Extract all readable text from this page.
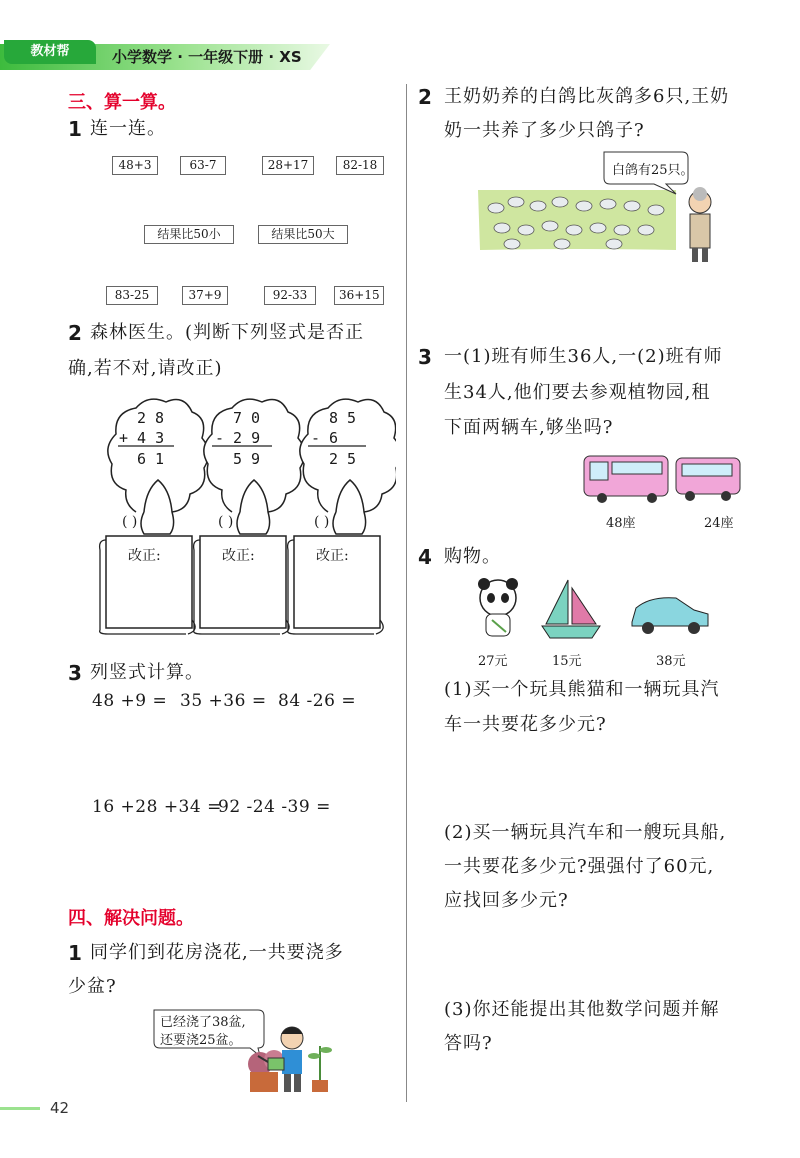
教材帮	小学数学 · 一年级下册 · XS
三、算一算。
1 连一连。
48+3	63-7	28+17	82-18
结果比50小	结果比50大
83-25	37+9	92-33	36+15
2 森林医生。(判断下列竖式是否正
确,若不对,请改正)
2 8
+ 4 3
6 1
7 0
- 2 9
5 9
8 5
- 6
2 5
( )	( )	( )
改正:	改正:	改正:
3 列竖式计算。
48 +9 = 35 +36 = 84 -26 =
16 +28 +34 =
92 -24 -39 =
四、解决问题。
1 同学们到花房浇花,一共要浇多
少盆?
已经浇了38盆,
还要浇25盆。
2 王奶奶养的白鸽比灰鸽多6只,王奶
奶一共养了多少只鸽子?
白鸽有25只。
3 一(1)班有师生36人,一(2)班有师
生34人,他们要去参观植物园,租
下面两辆车,够坐吗?
48座	24座
4 购物。
27元	15元	38元
(1)买一个玩具熊猫和一辆玩具汽
车一共要花多少元?
(2)买一辆玩具汽车和一艘玩具船,
一共要花多少元?强强付了60元,
应找回多少元?
(3)你还能提出其他数学问题并解
答吗?
42
